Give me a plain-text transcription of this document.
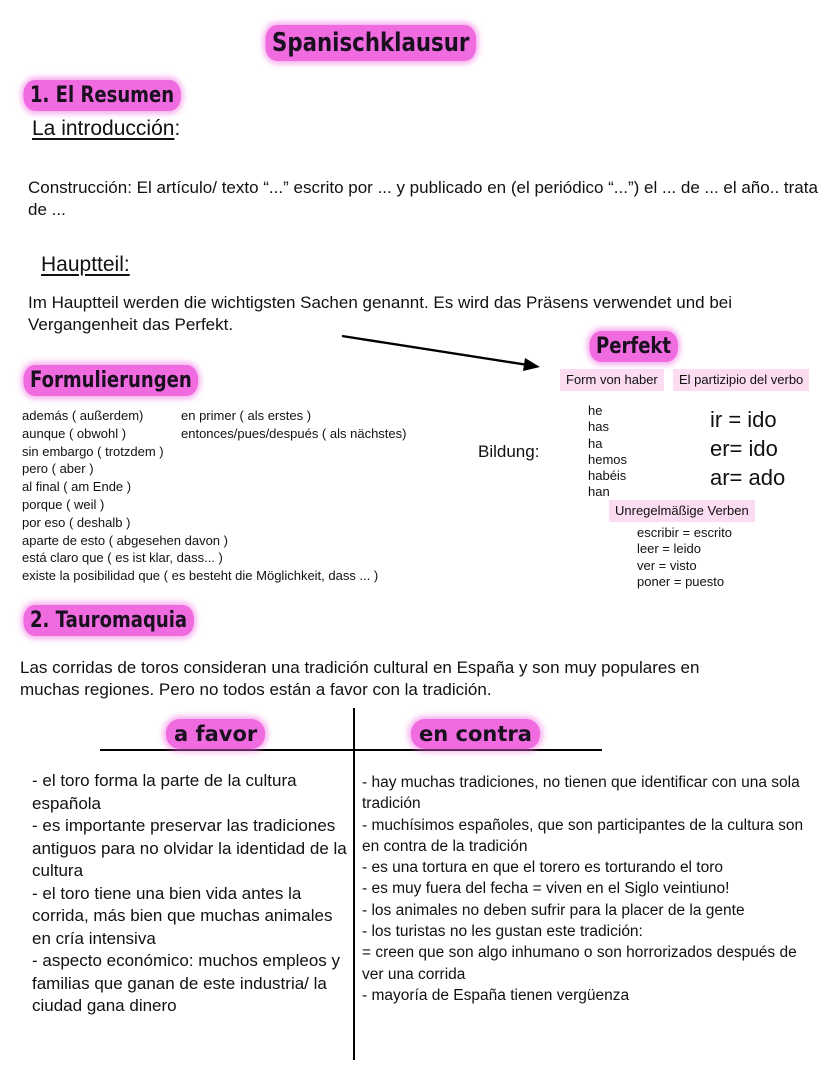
Spanischklausur
1. El Resumen
La introducción:
Construcción: El artículo/ texto “...” escrito por ... y publicado en (el periódico “...”) el ... de ... el año.. trata de ...
Hauptteil:
Im Hauptteil werden die wichtigsten Sachen genannt. Es wird das Präsens verwendet und bei Vergangenheit das Perfekt.
Formulierungen
además ( außerdem)
aunque ( obwohl )
sin embargo ( trotzdem )
pero ( aber )
al final ( am Ende )
porque ( weil )
por eso ( deshalb )
aparte de esto ( abgesehen davon )
está claro que ( es ist klar, dass... )
existe la posibilidad que ( es besteht die Möglichkeit, dass ... )
en primer ( als erstes )
entonces/pues/después ( als nächstes)
Perfekt
Form von haber	El partizipio del verbo
Bildung:
he
has
ha
hemos
habéis
han
ir = ido
er= ido
ar= ado
Unregelmäßige Verben
escribir = escrito
leer = leido
ver = visto
poner = puesto
2. Tauromaquia
Las corridas de toros consideran una tradición cultural en España y son muy populares en muchas regiones. Pero no todos están a favor con la tradición.
a favor	en contra
- el toro forma la parte de la cultura española
- es importante preservar las tradiciones antiguos para no olvidar la identidad de la cultura
- el toro tiene una bien vida antes la corrida, más bien que muchas animales en cría intensiva
- aspecto económico: muchos empleos y familias que ganan de este industria/ la ciudad gana dinero
- hay muchas tradiciones, no tienen que identificar con una sola tradición
- muchísimos españoles, que son participantes de la cultura son en contra de la tradición
- es una tortura en que el torero es torturando el toro
- es muy fuera del fecha = viven en el Siglo veintiuno!
- los animales no deben sufrir para la placer de la gente
- los turistas no les gustan este tradición:
= creen que son algo inhumano o son horrorizados después de ver una corrida
- mayoría de España tienen vergüenza
